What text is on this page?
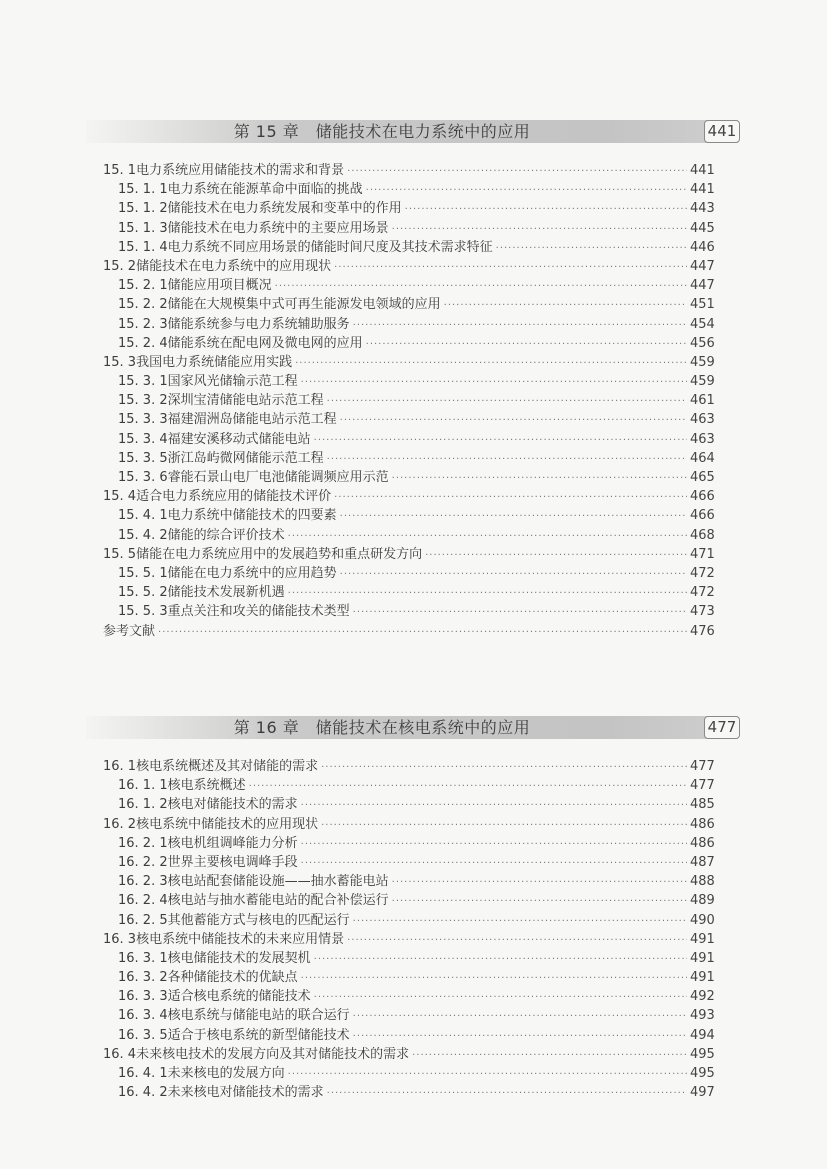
第 15 章　储能技术在电力系统中的应用	441
15. 1 电力系统应用储能技术的需求和背景 ·····	441
15. 1. 1 电力系统在能源革命中面临的挑战 ·····	441
15. 1. 2 储能技术在电力系统发展和变革中的作用 ·····	443
15. 1. 3 储能技术在电力系统中的主要应用场景 ·····	445
15. 1. 4 电力系统不同应用场景的储能时间尺度及其技术需求特征 ·····	446
15. 2 储能技术在电力系统中的应用现状 ·····	447
15. 2. 1 储能应用项目概况 ·····	447
15. 2. 2 储能在大规模集中式可再生能源发电领域的应用 ·····	451
15. 2. 3 储能系统参与电力系统辅助服务 ·····	454
15. 2. 4 储能系统在配电网及微电网的应用 ·····	456
15. 3 我国电力系统储能应用实践 ·····	459
15. 3. 1 国家风光储输示范工程 ·····	459
15. 3. 2 深圳宝清储能电站示范工程 ·····	461
15. 3. 3 福建湄洲岛储能电站示范工程 ·····	463
15. 3. 4 福建安溪移动式储能电站 ·····	463
15. 3. 5 浙江岛屿微网储能示范工程 ·····	464
15. 3. 6 睿能石景山电厂电池储能调频应用示范 ·····	465
15. 4 适合电力系统应用的储能技术评价 ·····	466
15. 4. 1 电力系统中储能技术的四要素 ·····	466
15. 4. 2 储能的综合评价技术 ·····	468
15. 5 储能在电力系统应用中的发展趋势和重点研发方向 ·····	471
15. 5. 1 储能在电力系统中的应用趋势 ·····	472
15. 5. 2 储能技术发展新机遇 ·····	472
15. 5. 3 重点关注和攻关的储能技术类型 ·····	473
参考文献 ·····	476
第 16 章　储能技术在核电系统中的应用	477
16. 1 核电系统概述及其对储能的需求 ·····	477
16. 1. 1 核电系统概述 ·····	477
16. 1. 2 核电对储能技术的需求 ·····	485
16. 2 核电系统中储能技术的应用现状 ·····	486
16. 2. 1 核电机组调峰能力分析 ·····	486
16. 2. 2 世界主要核电调峰手段 ·····	487
16. 2. 3 核电站配套储能设施——抽水蓄能电站 ·····	488
16. 2. 4 核电站与抽水蓄能电站的配合补偿运行 ·····	489
16. 2. 5 其他蓄能方式与核电的匹配运行 ·····	490
16. 3 核电系统中储能技术的未来应用情景 ·····	491
16. 3. 1 核电储能技术的发展契机 ·····	491
16. 3. 2 各种储能技术的优缺点 ·····	491
16. 3. 3 适合核电系统的储能技术 ·····	492
16. 3. 4 核电系统与储能电站的联合运行 ·····	493
16. 3. 5 适合于核电系统的新型储能技术 ·····	494
16. 4 未来核电技术的发展方向及其对储能技术的需求 ·····	495
16. 4. 1 未来核电的发展方向 ·····	495
16. 4. 2 未来核电对储能技术的需求 ·····	497
